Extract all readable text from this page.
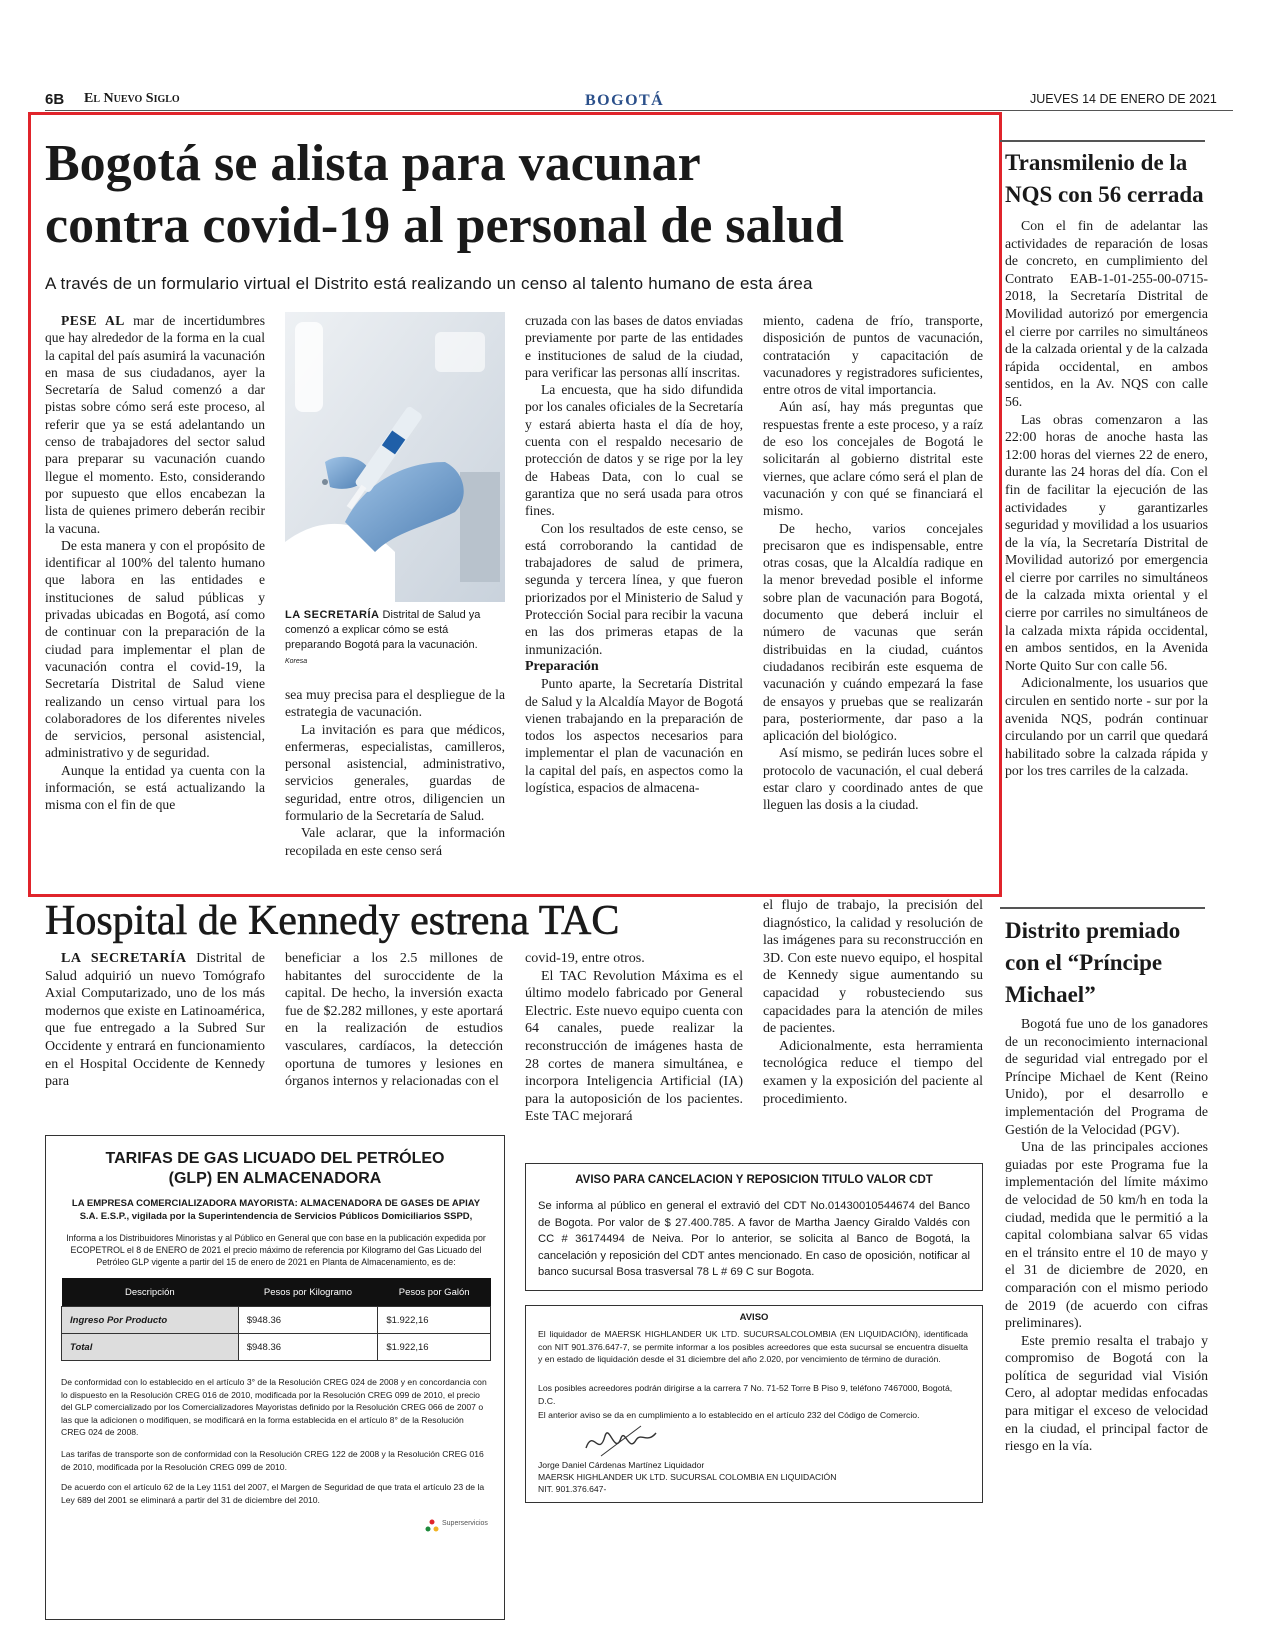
6B El Nuevo Siglo	BOGOTÁ	JUEVES 14 DE ENERO DE 2021
Bogotá se alista para vacunar
contra covid-19 al personal de salud
A través de un formulario virtual el Distrito está realizando un censo al talento humano de esta área

PESE AL mar de incertidumbres que hay alrededor de la forma en la cual la capital del país asumirá la vacunación en masa de sus ciudadanos, ayer la Secretaría de Salud comenzó a dar pistas sobre cómo será este proceso, al referir que ya se está adelantando un censo de trabajadores del sector salud para preparar su vacunación cuando llegue el momento. Esto, considerando por supuesto que ellos encabezan la lista de quienes primero deberán recibir la vacuna.

De esta manera y con el propósito de identificar al 100% del talento humano que labora en las entidades e instituciones de salud públicas y privadas ubicadas en Bogotá, así como de continuar con la preparación de la ciudad para implementar el plan de vacunación contra el covid-19, la Secretaría Distrital de Salud viene realizando un censo virtual para los colaboradores de los diferentes niveles de servicios, personal asistencial, administrativo y de seguridad.

Aunque la entidad ya cuenta con la información, se está actualizando la misma con el fin de que

LA SECRETARÍA Distrital de Salud ya comenzó a explicar cómo se está preparando Bogotá para la vacunación. Koresa

sea muy precisa para el despliegue de la estrategia de vacunación.

La invitación es para que médicos, enfermeras, especialistas, camilleros, personal asistencial, administrativo, servicios generales, guardas de seguridad, entre otros, diligencien un formulario de la Secretaría de Salud.

Vale aclarar, que la información recopilada en este censo será

cruzada con las bases de datos enviadas previamente por parte de las entidades e instituciones de salud de la ciudad, para verificar las personas allí inscritas.

La encuesta, que ha sido difundida por los canales oficiales de la Secretaría y estará abierta hasta el día de hoy, cuenta con el respaldo necesario de protección de datos y se rige por la ley de Habeas Data, con lo cual se garantiza que no será usada para otros fines.

Con los resultados de este censo, se está corroborando la cantidad de trabajadores de salud de primera, segunda y tercera línea, y que fueron priorizados por el Ministerio de Salud y Protección Social para recibir la vacuna en las dos primeras etapas de la inmunización.

Preparación

Punto aparte, la Secretaría Distrital de Salud y la Alcaldía Mayor de Bogotá vienen trabajando en la preparación de todos los aspectos necesarios para implementar el plan de vacunación en la capital del país, en aspectos como la logística, espacios de almacena-

miento, cadena de frío, transporte, disposición de puntos de vacunación, contratación y capacitación de vacunadores y registradores suficientes, entre otros de vital importancia.

Aún así, hay más preguntas que respuestas frente a este proceso, y a raíz de eso los concejales de Bogotá le solicitarán al gobierno distrital este viernes, que aclare cómo será el plan de vacunación y con qué se financiará el mismo.

De hecho, varios concejales precisaron que es indispensable, entre otras cosas, que la Alcaldía radique en la menor brevedad posible el informe sobre plan de vacunación para Bogotá, documento que deberá incluir el número de vacunas que serán distribuidas en la ciudad, cuántos ciudadanos recibirán este esquema de vacunación y cuándo empezará la fase de ensayos y pruebas que se realizarán para, posteriormente, dar paso a la aplicación del biológico.

Así mismo, se pedirán luces sobre el protocolo de vacunación, el cual deberá estar claro y coordinado antes de que lleguen las dosis a la ciudad.

Transmilenio de la NQS con 56 cerrada

Con el fin de adelantar las actividades de reparación de losas de concreto, en cumplimiento del Contrato EAB-1-01-255-00-0715-2018, la Secretaría Distrital de Movilidad autorizó por emergencia el cierre por carriles no simultáneos de la calzada oriental y de la calzada rápida occidental, en ambos sentidos, en la Av. NQS con calle 56.

Las obras comenzaron a las 22:00 horas de anoche hasta las 12:00 horas del viernes 22 de enero, durante las 24 horas del día. Con el fin de facilitar la ejecución de las actividades y garantizarles seguridad y movilidad a los usuarios de la vía, la Secretaría Distrital de Movilidad autorizó por emergencia el cierre por carriles no simultáneos de la calzada mixta oriental y el cierre por carriles no simultáneos de la calzada mixta rápida occidental, en ambos sentidos, en la Avenida Norte Quito Sur con calle 56.

Adicionalmente, los usuarios que circulen en sentido norte - sur por la avenida NQS, podrán continuar circulando por un carril que quedará habilitado sobre la calzada rápida y por los tres carriles de la calzada.

Distrito premiado con el “Príncipe Michael”

Bogotá fue uno de los ganadores de un reconocimiento internacional de seguridad vial entregado por el Príncipe Michael de Kent (Reino Unido), por el desarrollo e implementación del Programa de Gestión de la Velocidad (PGV).

Una de las principales acciones guiadas por este Programa fue la implementación del límite máximo de velocidad de 50 km/h en toda la ciudad, medida que le permitió a la capital colombiana salvar 65 vidas en el tránsito entre el 10 de mayo y el 31 de diciembre de 2020, en comparación con el mismo periodo de 2019 (de acuerdo con cifras preliminares).

Este premio resalta el trabajo y compromiso de Bogotá con la política de seguridad vial Visión Cero, al adoptar medidas enfocadas para mitigar el exceso de velocidad en la ciudad, el principal factor de riesgo en la vía.

Hospital de Kennedy estrena TAC

LA SECRETARÍA Distrital de Salud adquirió un nuevo Tomógrafo Axial Computarizado, uno de los más modernos que existe en Latinoamérica, que fue entregado a la Subred Sur Occidente y entrará en funcionamiento en el Hospital Occidente de Kennedy para

beneficiar a los 2.5 millones de habitantes del suroccidente de la capital. De hecho, la inversión exacta fue de $2.282 millones, y este aportará en la realización de estudios vasculares, cardíacos, la detección oportuna de tumores y lesiones en órganos internos y relacionadas con el

covid-19, entre otros.

El TAC Revolution Máxima es el último modelo fabricado por General Electric. Este nuevo equipo cuenta con 64 canales, puede realizar la reconstrucción de imágenes hasta de 28 cortes de manera simultánea, e incorpora Inteligencia Artificial (IA) para la autoposición de los pacientes. Este TAC mejorará

el flujo de trabajo, la precisión del diagnóstico, la calidad y resolución de las imágenes para su reconstrucción en 3D. Con este nuevo equipo, el hospital de Kennedy sigue aumentando su capacidad y robusteciendo sus capacidades para la atención de miles de pacientes.

Adicionalmente, esta herramienta tecnológica reduce el tiempo del examen y la exposición del paciente al procedimiento.

TARIFAS DE GAS LICUADO DEL PETRÓLEO
(GLP) EN ALMACENADORA
LA EMPRESA COMERCIALIZADORA MAYORISTA: ALMACENADORA DE GASES DE APIAY S.A. E.S.P., vigilada por la Superintendencia de Servicios Públicos Domiciliarios SSPD,
Informa a los Distribuidores Minoristas y al Público en General que con base en la publicación expedida por ECOPETROL el 8 de ENERO de 2021 el precio máximo de referencia por Kilogramo del Gas Licuado del Petróleo GLP vigente a partir del 15 de enero de 2021 en Planta de Almacenamiento, es de:
Descripción	Pesos por Kilogramo	Pesos por Galón
Ingreso Por Producto	$948.36	$1.922,16
Total	$948.36	$1.922,16
De conformidad con lo establecido en el artículo 3° de la Resolución CREG 024 de 2008 y en concordancia con lo dispuesto en la Resolución CREG 016 de 2010, modificada por la Resolución CREG 099 de 2010, el precio del GLP comercializado por los Comercializadores Mayoristas definido por la Resolución CREG 066 de 2007 o las que la adicionen o modifiquen, se modificará en la forma establecida en el artículo 8° de la Resolución CREG 024 de 2008.
Las tarifas de transporte son de conformidad con la Resolución CREG 122 de 2008 y la Resolución CREG 016 de 2010, modificada por la Resolución CREG 099 de 2010.
De acuerdo con el artículo 62 de la Ley 1151 del 2007, el Margen de Seguridad de que trata el artículo 23 de la Ley 689 del 2001 se eliminará a partir del 31 de diciembre del 2010.
Superservicios
AVISO PARA CANCELACION Y REPOSICION TITULO VALOR CDT
Se informa al público en general el extravió del CDT No.01430010544674 del Banco de Bogota. Por valor de $ 27.400.785. A favor de Martha Jaency Giraldo Valdés con CC # 36174494 de Neiva. Por lo anterior, se solicita al Banco de Bogotá, la cancelación y reposición del CDT antes mencionado. En caso de oposición, notificar al banco sucursal Bosa trasversal 78 L # 69 C sur Bogota.
AVISO
El liquidador de MAERSK HIGHLANDER UK LTD. SUCURSALCOLOMBIA (EN LIQUIDACIÓN), identificada con NIT 901.376.647-7, se permite informar a los posibles acreedores que esta sucursal se encuentra disuelta y en estado de liquidación desde el 31 diciembre del año 2.020, por vencimiento de término de duración.
Los posibles acreedores podrán dirigirse a la carrera 7 No. 71-52 Torre B Piso 9, teléfono 7467000, Bogotá, D.C.
El anterior aviso se da en cumplimiento a lo establecido en el artículo 232 del Código de Comercio.
Jorge Daniel Cárdenas Martínez Liquidador
MAERSK HIGHLANDER UK LTD. SUCURSAL COLOMBIA EN LIQUIDACIÓN
NIT. 901.376.647-
